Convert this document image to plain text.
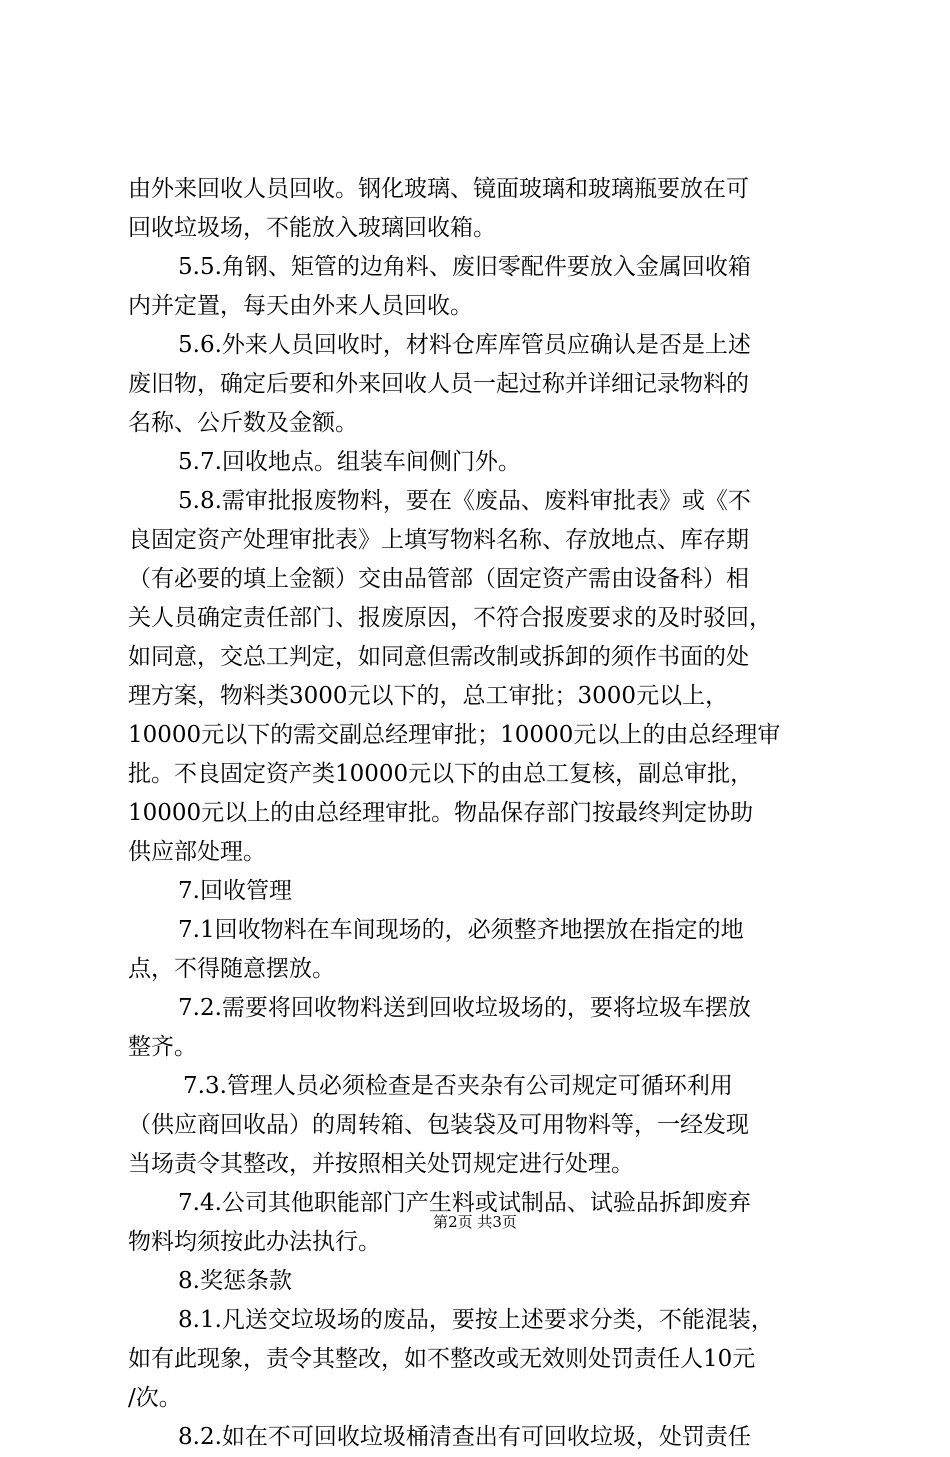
由外来回收人员回收。钢化玻璃、镜面玻璃和玻璃瓶要放在可
回收垃圾场，不能放入玻璃回收箱。
5.5.角钢、矩管的边角料、废旧零配件要放入金属回收箱
内并定置，每天由外来人员回收。
5.6.外来人员回收时，材料仓库库管员应确认是否是上述
废旧物，确定后要和外来回收人员一起过称并详细记录物料的
名称、公斤数及金额。
5.7.回收地点。组装车间侧门外。
5.8.需审批报废物料，要在《废品、废料审批表》或《不
良固定资产处理审批表》上填写物料名称、存放地点、库存期
（有必要的填上金额）交由品管部（固定资产需由设备科）相
关人员确定责任部门、报废原因，不符合报废要求的及时驳回，
如同意，交总工判定，如同意但需改制或拆卸的须作书面的处
理方案，物料类3000元以下的，总工审批；3000元以上，
10000元以下的需交副总经理审批；10000元以上的由总经理审
批。不良固定资产类10000元以下的由总工复核，副总审批，
10000元以上的由总经理审批。物品保存部门按最终判定协助
供应部处理。
7.回收管理
7.1回收物料在车间现场的，必须整齐地摆放在指定的地
点，不得随意摆放。
7.2.需要将回收物料送到回收垃圾场的，要将垃圾车摆放
整齐。
7.3.管理人员必须检查是否夹杂有公司规定可循环利用
（供应商回收品）的周转箱、包装袋及可用物料等，一经发现
当场责令其整改，并按照相关处罚规定进行处理。
7.4.公司其他职能部门产生料或试制品、试验品拆卸废弃
物料均须按此办法执行。
8.奖惩条款
8.1.凡送交垃圾场的废品，要按上述要求分类，不能混装，
如有此现象，责令其整改，如不整改或无效则处罚责任人10元
/次。
8.2.如在不可回收垃圾桶清查出有可回收垃圾，处罚责任
第2页 共3页
